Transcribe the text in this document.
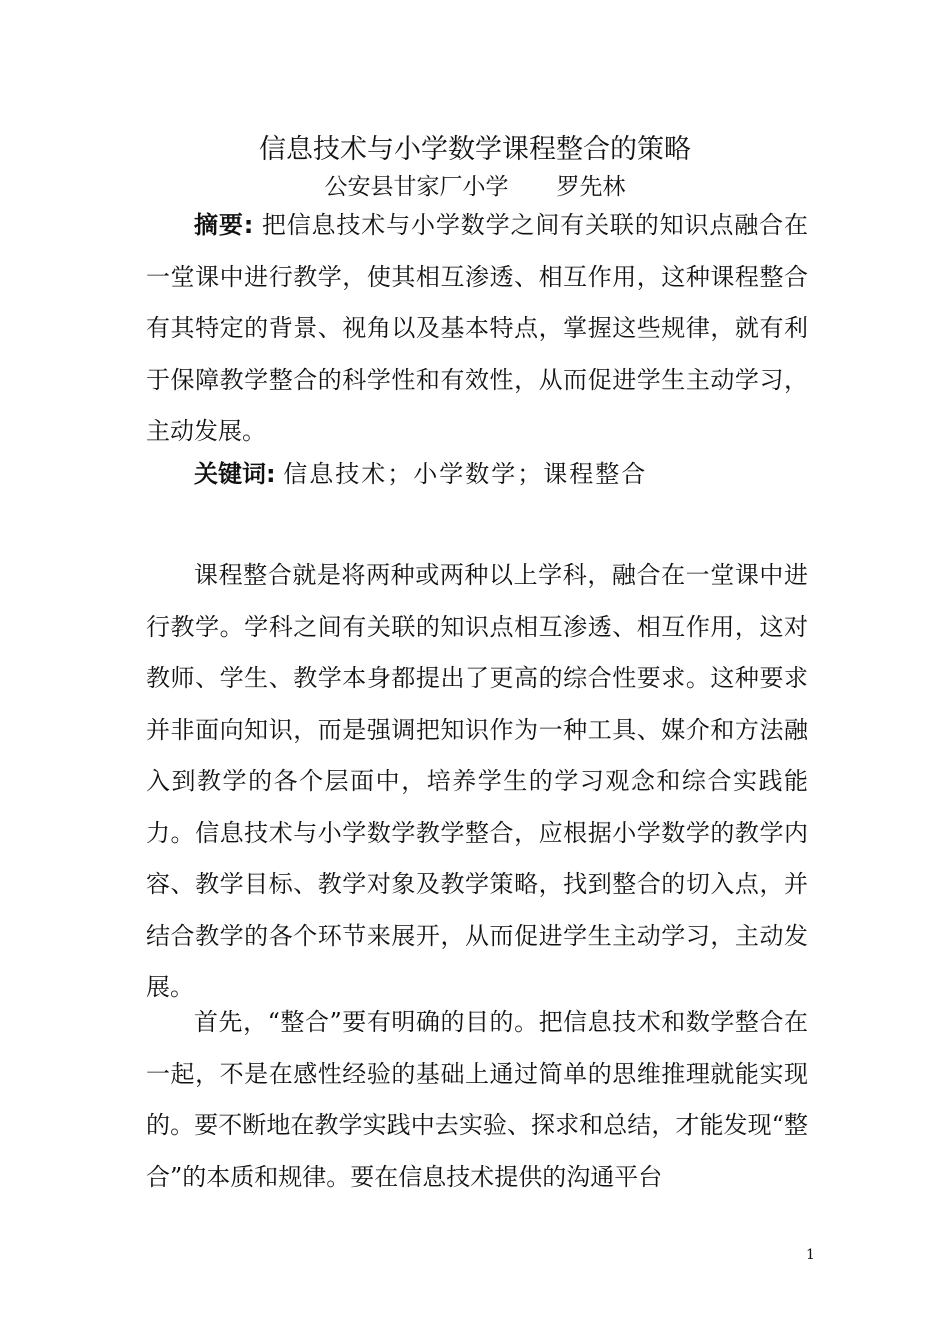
信息技术与小学数学课程整合的策略
公安县甘家厂小学 罗先林
摘要: 把信息技术与小学数学之间有关联的知识点融合在一堂课中进行教学，使其相互渗透、相互作用，这种课程整合有其特定的背景、视角以及基本特点，掌握这些规律，就有利于保障教学整合的科学性和有效性，从而促进学生主动学习，主动发展。
关键词: 信息技术；小学数学；课程整合
课程整合就是将两种或两种以上学科，融合在一堂课中进行教学。学科之间有关联的知识点相互渗透、相互作用，这对教师、学生、教学本身都提出了更高的综合性要求。这种要求并非面向知识，而是强调把知识作为一种工具、媒介和方法融入到教学的各个层面中，培养学生的学习观念和综合实践能力。信息技术与小学数学教学整合，应根据小学数学的教学内容、教学目标、教学对象及教学策略，找到整合的切入点，并结合教学的各个环节来展开，从而促进学生主动学习，主动发展。
首先，“整合”要有明确的目的。把信息技术和数学整合在一起，不是在感性经验的基础上通过简单的思维推理就能实现的。要不断地在教学实践中去实验、探求和总结，才能发现“整合”的本质和规律。要在信息技术提供的沟通平台
1
